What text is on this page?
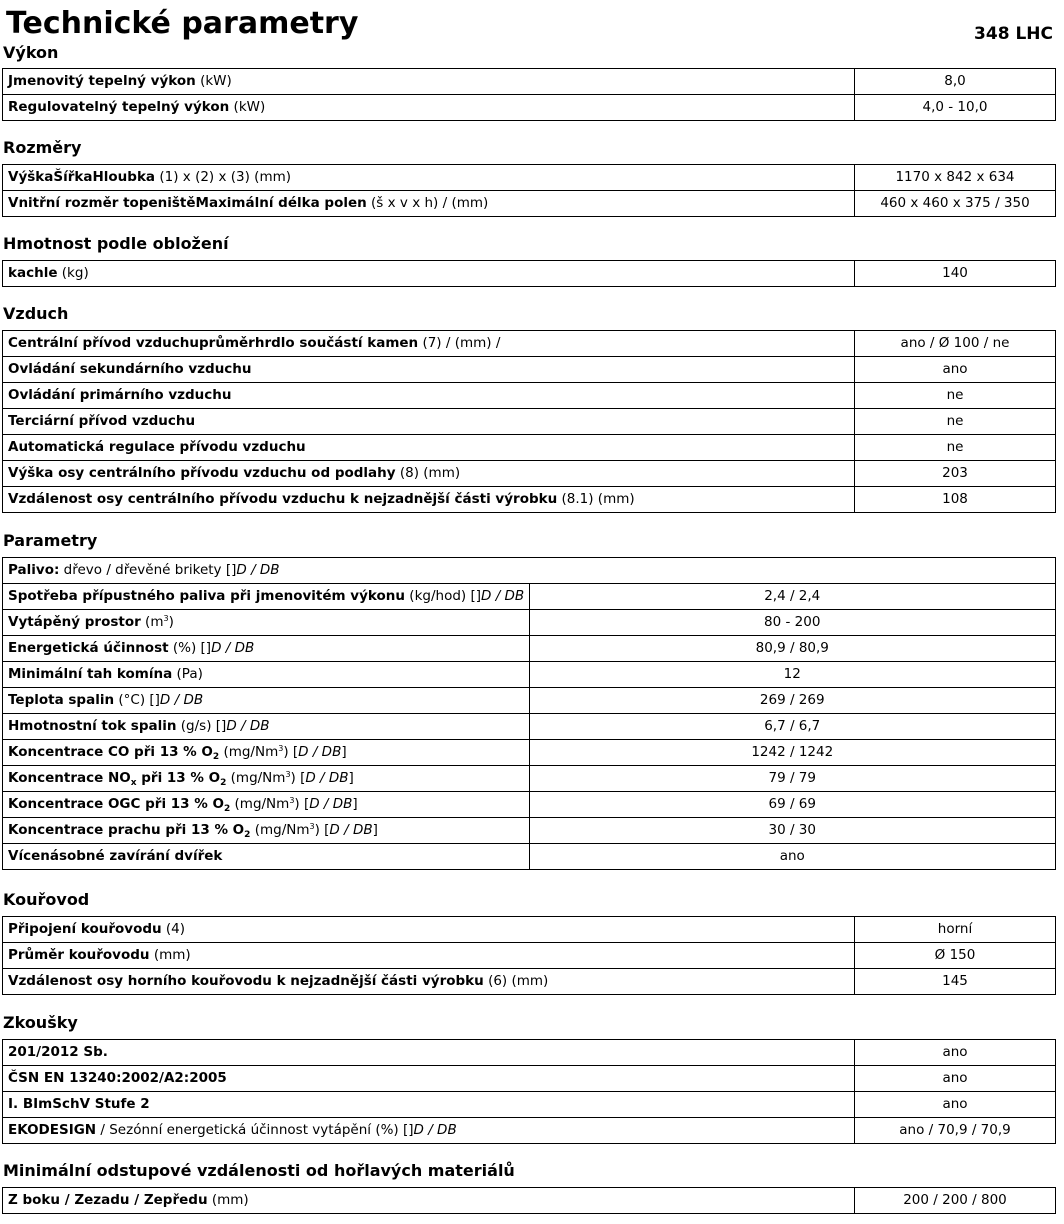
Technické parametry	348 LHC
Výkon
Jmenovitý tepelný výkon (kW)	8,0
Regulovatelný tepelný výkon (kW)	4,0 - 10,0
Rozměry
VýškaŠířkaHloubka (1) x (2) x (3) (mm)	1170 x 842 x 634
Vnitřní rozměr topeništěMaximální délka polen (š x v x h) / (mm)	460 x 460 x 375 / 350
Hmotnost podle obložení
kachle (kg)	140
Vzduch
Centrální přívod vzduchuprůměrhrdlo součástí kamen (7) / (mm) /	ano / Ø 100 / ne
Ovládání sekundárního vzduchu	ano
Ovládání primárního vzduchu	ne
Terciární přívod vzduchu	ne
Automatická regulace přívodu vzduchu	ne
Výška osy centrálního přívodu vzduchu od podlahy (8) (mm)	203
Vzdálenost osy centrálního přívodu vzduchu k nejzadnější části výrobku (8.1) (mm)	108
Parametry
Palivo: dřevo / dřevěné brikety []D / DB	
Spotřeba přípustného paliva při jmenovitém výkonu (kg/hod) []D / DB	2,4 / 2,4
Vytápěný prostor $(m^3)$	80 - 200
Energetická účinnost (%) []D / DB	80,9 / 80,9
Minimální tah komína (Pa)	12
Teplota spalin (°C) []D / DB	269 / 269
Hmotnostní tok spalin (g/s) []D / DB	6,7 / 6,7
Koncentrace CO při 13 % $O_2$ (mg/Nm$^3$) [D / DB]	1242 / 1242
Koncentrace $NO_x$ při 13 % $O_2$ (mg/Nm$^3$) [D / DB]	79 / 79
Koncentrace OGC při 13 % $O_2$ (mg/Nm$^3$) [D / DB]	69 / 69
Koncentrace prachu při 13 % $O_2$ (mg/Nm$^3$) [D / DB]	30 / 30
Vícenásobné zavírání dvířek	ano
Kouřovod
Připojení kouřovodu (4)	horní
Průměr kouřovodu (mm)	Ø 150
Vzdálenost osy horního kouřovodu k nejzadnější části výrobku (6) (mm)	145
Zkoušky
201/2012 Sb.	ano
ČSN EN 13240:2002/A2:2005	ano
I. BImSchV Stufe 2	ano
EKODESIGN / Sezónní energetická účinnost vytápění (%) []D / DB	ano / 70,9 / 70,9
Minimální odstupové vzdálenosti od hořlavých materiálů
Z boku / Zezadu / Zepředu (mm)	200 / 200 / 800
